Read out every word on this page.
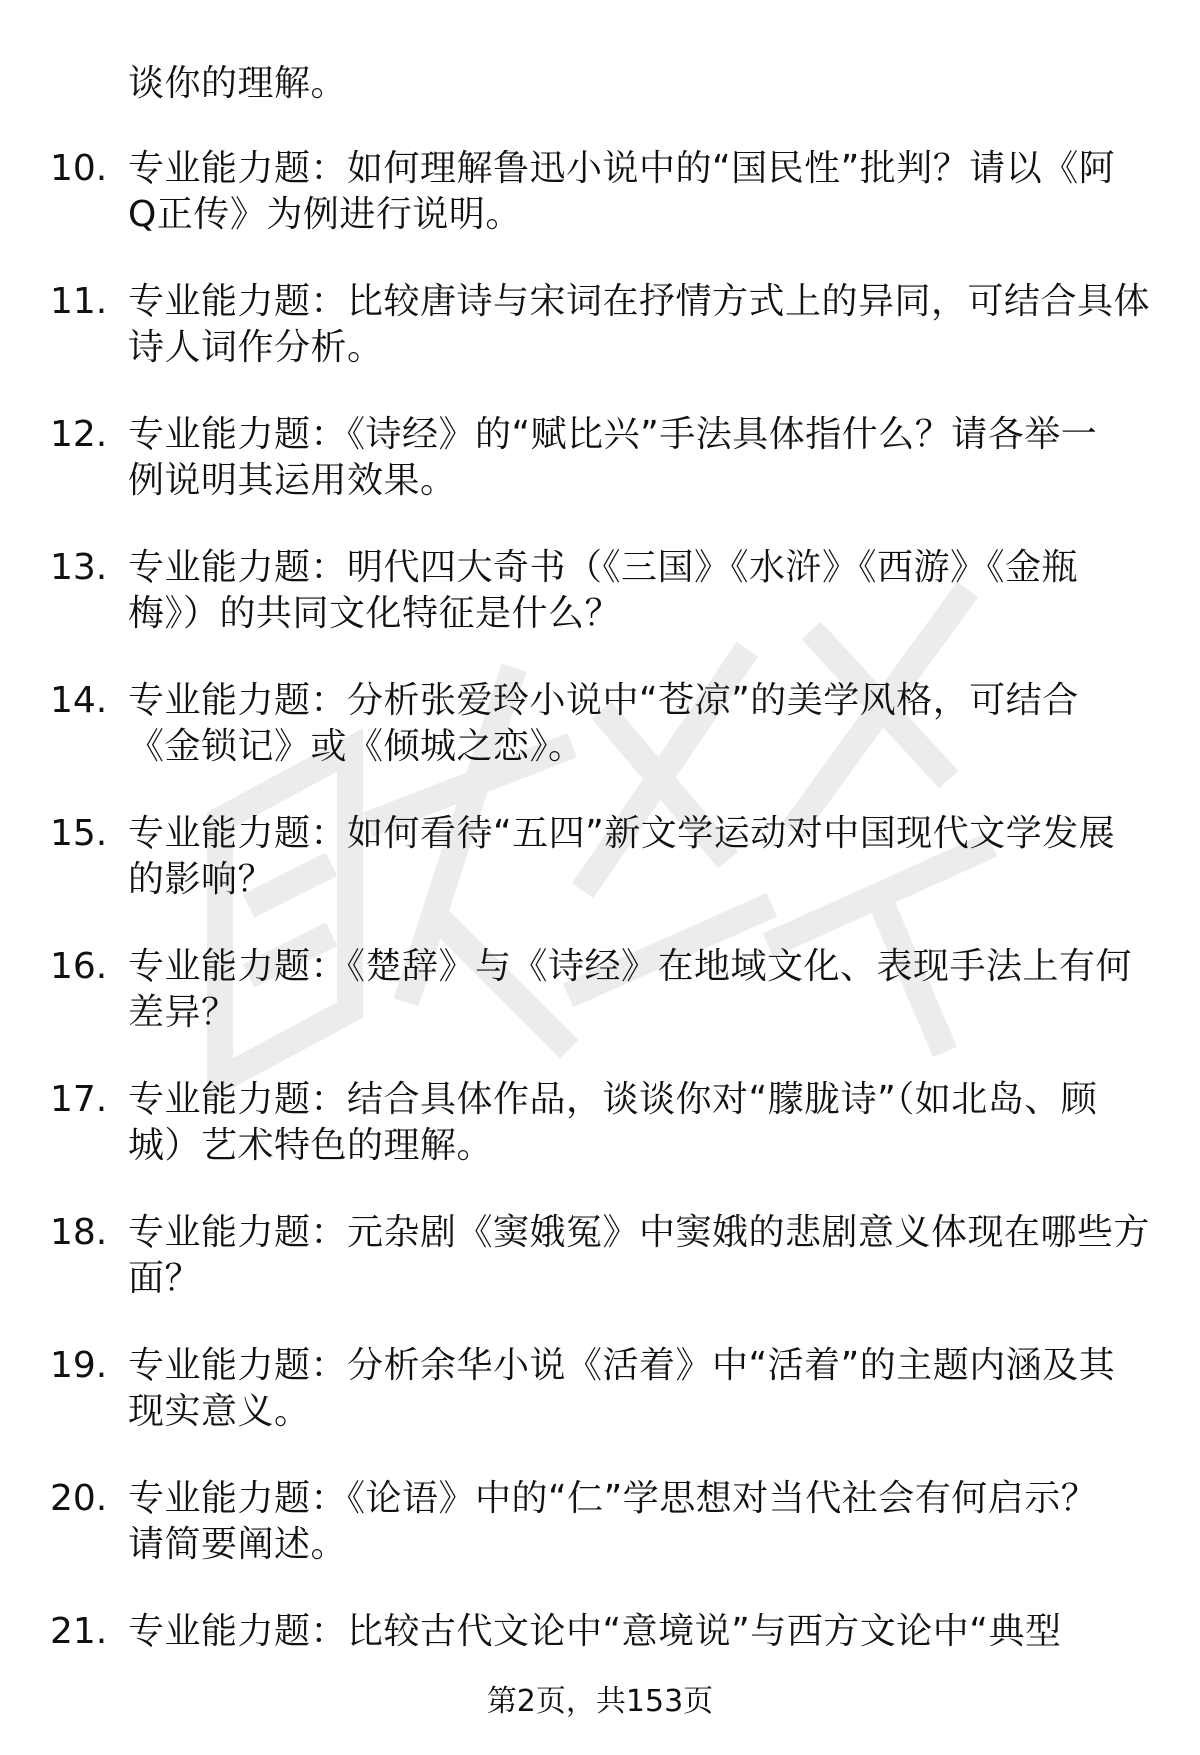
谈你的理解。
10. 专业能力题：如何理解鲁迅小说中的“国民性”批判？请以《阿
Q正传》为例进行说明。
11. 专业能力题：比较唐诗与宋词在抒情方式上的异同，可结合具体
诗人词作分析。
12. 专业能力题：《诗经》的“赋比兴”手法具体指什么？请各举一
例说明其运用效果。
13. 专业能力题：明代四大奇书（《三国》《水浒》《西游》《金瓶
梅》）的共同文化特征是什么？
14. 专业能力题：分析张爱玲小说中“苍凉”的美学风格，可结合
《金锁记》或《倾城之恋》。
15. 专业能力题：如何看待“五四”新文学运动对中国现代文学发展
的影响？
16. 专业能力题：《楚辞》与《诗经》在地域文化、表现手法上有何
差异？
17. 专业能力题：结合具体作品，谈谈你对“朦胧诗”（如北岛、顾
城）艺术特色的理解。
18. 专业能力题：元杂剧《窦娥冤》中窦娥的悲剧意义体现在哪些方
面？
19. 专业能力题：分析余华小说《活着》中“活着”的主题内涵及其
现实意义。
20. 专业能力题：《论语》中的“仁”学思想对当代社会有何启示？
请简要阐述。
21. 专业能力题：比较古代文论中“意境说”与西方文论中“典型
第2页，共153页
